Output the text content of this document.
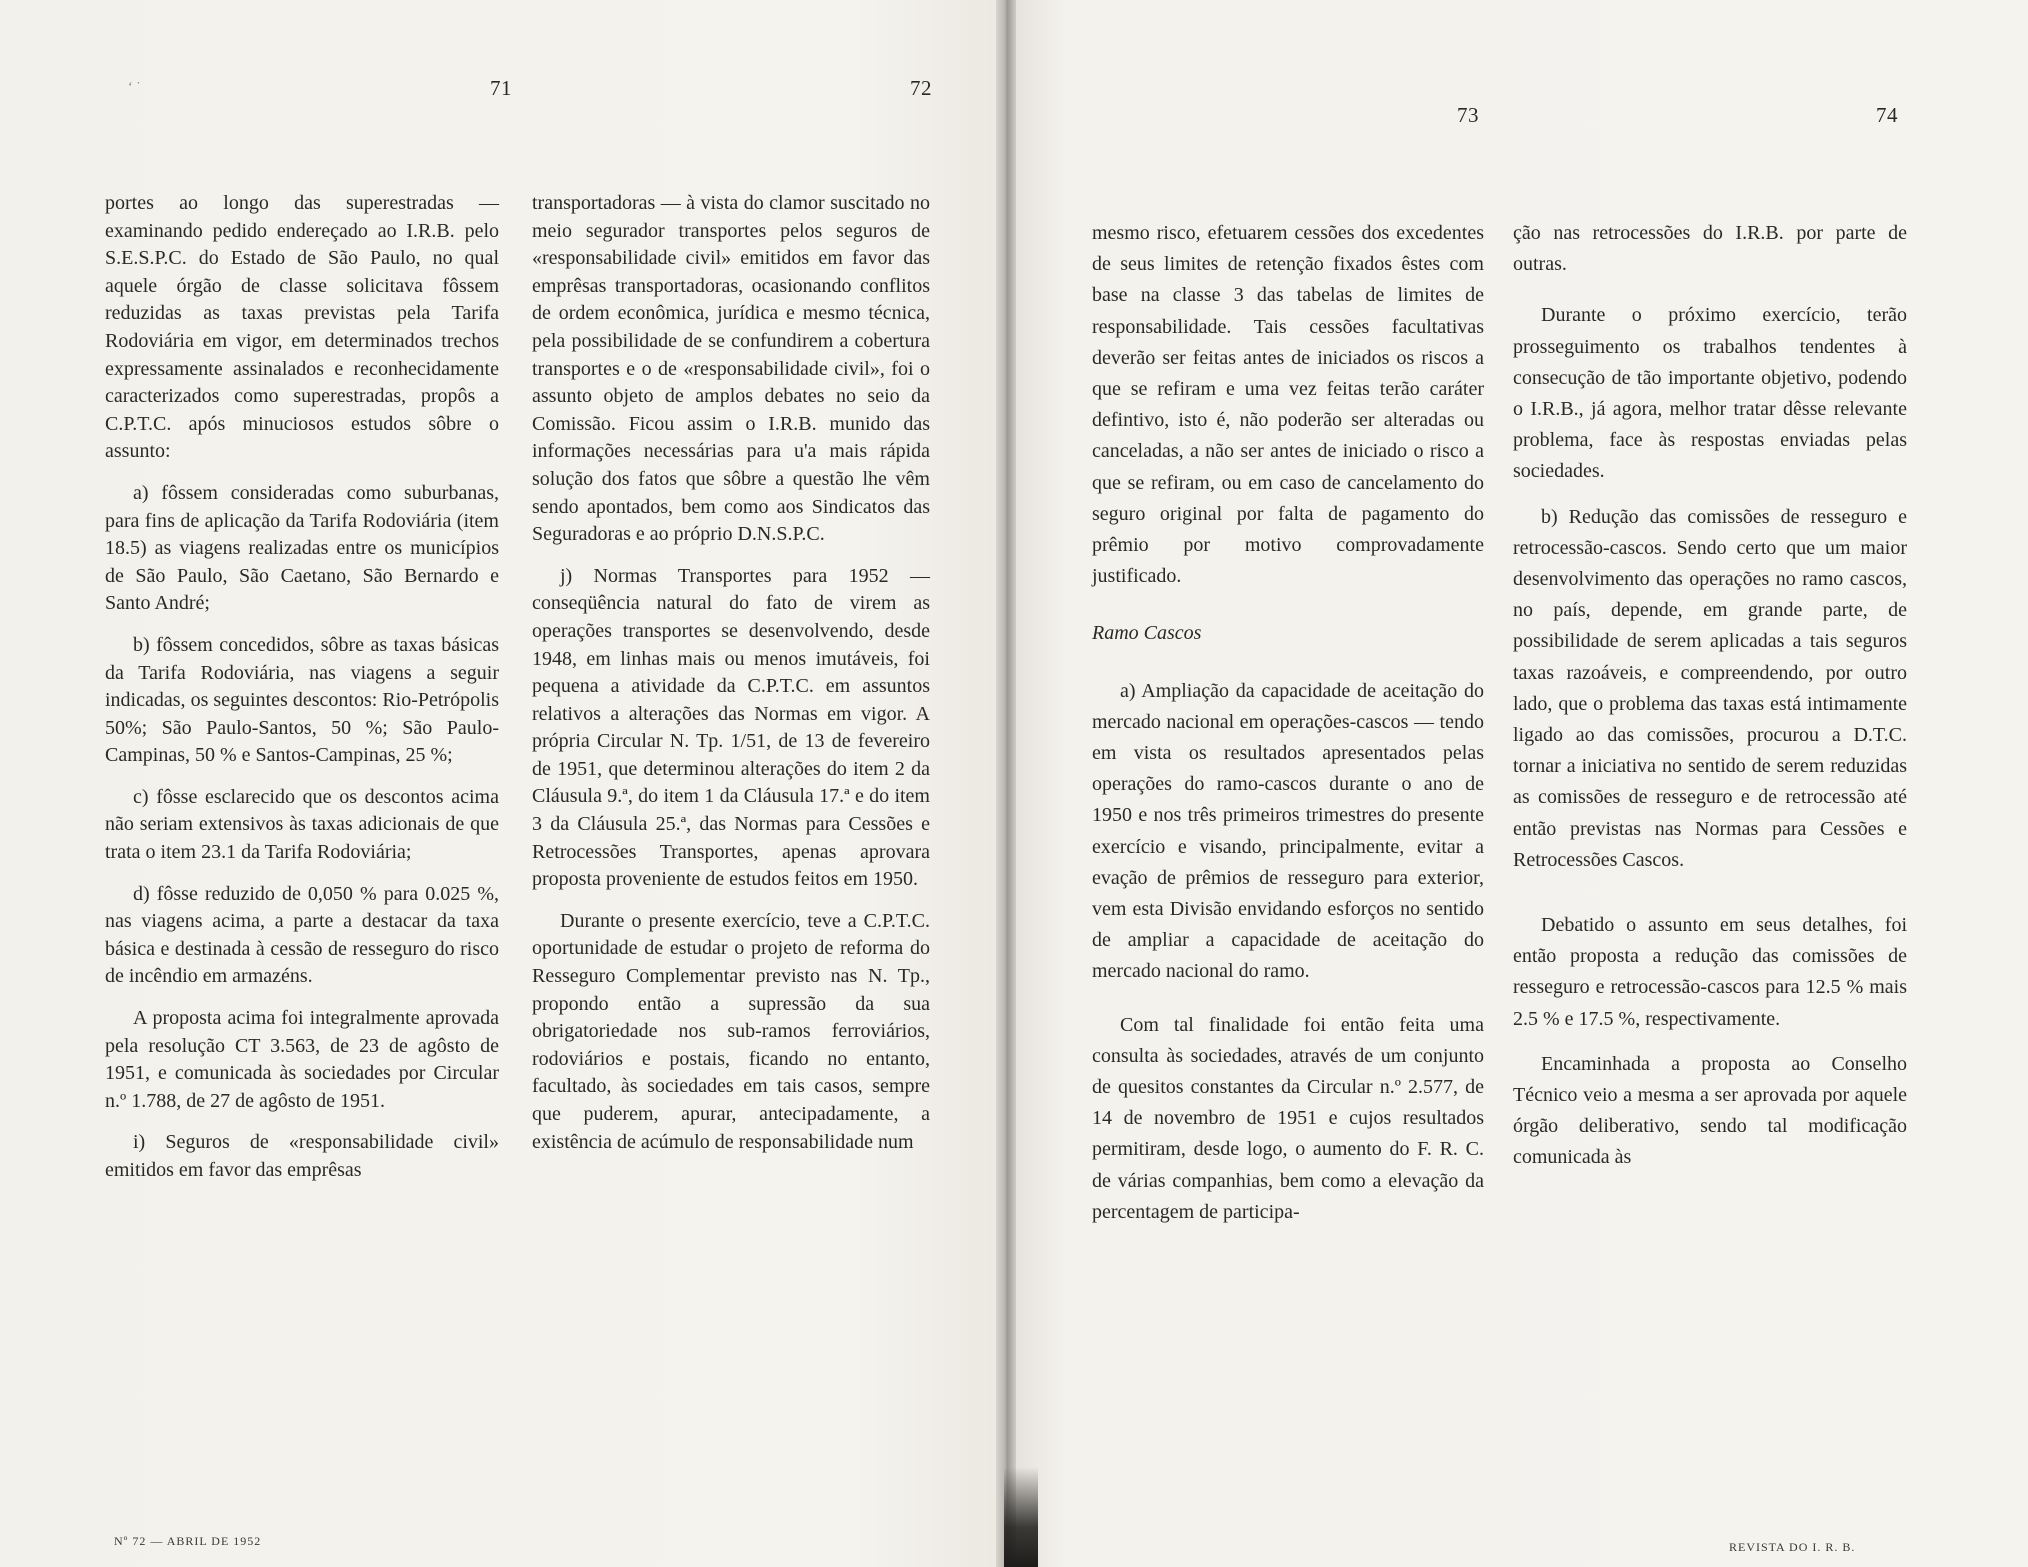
71	72
73	74
‘ ˙

portes ao longo das superestradas — examinando pedido endereçado ao I.R.B. pelo S.E.S.P.C. do Estado de São Paulo, no qual aquele órgão de classe solicitava fôssem reduzidas as taxas previstas pela Tarifa Rodoviária em vigor, em determinados trechos expressamente assinalados e reconhecidamente caracterizados como superestradas, propôs a C.P.T.C. após minuciosos estudos sôbre o assunto:

a) fôssem consideradas como suburbanas, para fins de aplicação da Tarifa Rodoviária (item 18.5) as viagens realizadas entre os municípios de São Paulo, São Caetano, São Bernardo e Santo André;

b) fôssem concedidos, sôbre as taxas básicas da Tarifa Rodoviária, nas viagens a seguir indicadas, os seguintes descontos: Rio-Petrópolis 50%; São Paulo-Santos, 50 %; São Paulo-Campinas, 50 % e Santos-Campinas, 25 %;

c) fôsse esclarecido que os descontos acima não seriam extensivos às taxas adicionais de que trata o item 23.1 da Tarifa Rodoviária;

d) fôsse reduzido de 0,050 % para 0.025 %, nas viagens acima, a parte a destacar da taxa básica e destinada à cessão de resseguro do risco de incêndio em armazéns.

A proposta acima foi integralmente aprovada pela resolução CT 3.563, de 23 de agôsto de 1951, e comunicada às sociedades por Circular n.º 1.788, de 27 de agôsto de 1951.

i) Seguros de «responsabilidade civil» emitidos em favor das emprêsas

transportadoras — à vista do clamor suscitado no meio segurador transportes pelos seguros de «responsabilidade civil» emitidos em favor das emprêsas transportadoras, ocasionando conflitos de ordem econômica, jurídica e mesmo técnica, pela possibilidade de se confundirem a cobertura transportes e o de «responsabilidade civil», foi o assunto objeto de amplos debates no seio da Comissão. Ficou assim o I.R.B. munido das informações necessárias para u'a mais rápida solução dos fatos que sôbre a questão lhe vêm sendo apontados, bem como aos Sindicatos das Seguradoras e ao próprio D.N.S.P.C.

j) Normas Transportes para 1952 — conseqüência natural do fato de virem as operações transportes se desenvolvendo, desde 1948, em linhas mais ou menos imutáveis, foi pequena a atividade da C.P.T.C. em assuntos relativos a alterações das Normas em vigor. A própria Circular N. Tp. 1/51, de 13 de fevereiro de 1951, que determinou alterações do item 2 da Cláusula 9.ª, do item 1 da Cláusula 17.ª e do item 3 da Cláusula 25.ª, das Normas para Cessões e Retrocessões Transportes, apenas aprovara proposta proveniente de estudos feitos em 1950.

Durante o presente exercício, teve a C.P.T.C. oportunidade de estudar o projeto de reforma do Resseguro Complementar previsto nas N. Tp., propondo então a supressão da sua obrigatoriedade nos sub-ramos ferroviários, rodoviários e postais, ficando no entanto, facultado, às sociedades em tais casos, sempre que puderem, apurar, antecipadamente, a existência de acúmulo de responsabilidade num

mesmo risco, efetuarem cessões dos excedentes de seus limites de retenção fixados êstes com base na classe 3 das tabelas de limites de responsabilidade. Tais cessões facultativas deverão ser feitas antes de iniciados os riscos a que se refiram e uma vez feitas terão caráter defintivo, isto é, não poderão ser alteradas ou canceladas, a não ser antes de iniciado o risco a que se refiram, ou em caso de cancelamento do seguro original por falta de pagamento do prêmio por motivo comprovadamente justificado.

Ramo Cascos

a) Ampliação da capacidade de aceitação do mercado nacional em operações-cascos — tendo em vista os resultados apresentados pelas operações do ramo-cascos durante o ano de 1950 e nos três primeiros trimestres do presente exercício e visando, principalmente, evitar a evação de prêmios de resseguro para exterior, vem esta Divisão envidando esforços no sentido de ampliar a capacidade de aceitação do mercado nacional do ramo.

Com tal finalidade foi então feita uma consulta às sociedades, através de um conjunto de quesitos constantes da Circular n.º 2.577, de 14 de novembro de 1951 e cujos resultados permitiram, desde logo, o aumento do F. R. C. de várias companhias, bem como a elevação da percentagem de participa-

ção nas retrocessões do I.R.B. por parte de outras.

Durante o próximo exercício, terão prosseguimento os trabalhos tendentes à consecução de tão importante objetivo, podendo o I.R.B., já agora, melhor tratar dêsse relevante problema, face às respostas enviadas pelas sociedades.

b) Redução das comissões de resseguro e retrocessão-cascos. Sendo certo que um maior desenvolvimento das operações no ramo cascos, no país, depende, em grande parte, de possibilidade de serem aplicadas a tais seguros taxas razoáveis, e compreendendo, por outro lado, que o problema das taxas está intimamente ligado ao das comissões, procurou a D.T.C. tornar a iniciativa no sentido de serem reduzidas as comissões de resseguro e de retrocessão até então previstas nas Normas para Cessões e Retrocessões Cascos.

Debatido o assunto em seus detalhes, foi então proposta a redução das comissões de resseguro e retrocessão-cascos para 12.5 % mais 2.5 % e 17.5 %, respectivamente.

Encaminhada a proposta ao Conselho Técnico veio a mesma a ser aprovada por aquele órgão deliberativo, sendo tal modificação comunicada às

Nº 72 — ABRIL DE 1952	REVISTA DO I. R. B.
